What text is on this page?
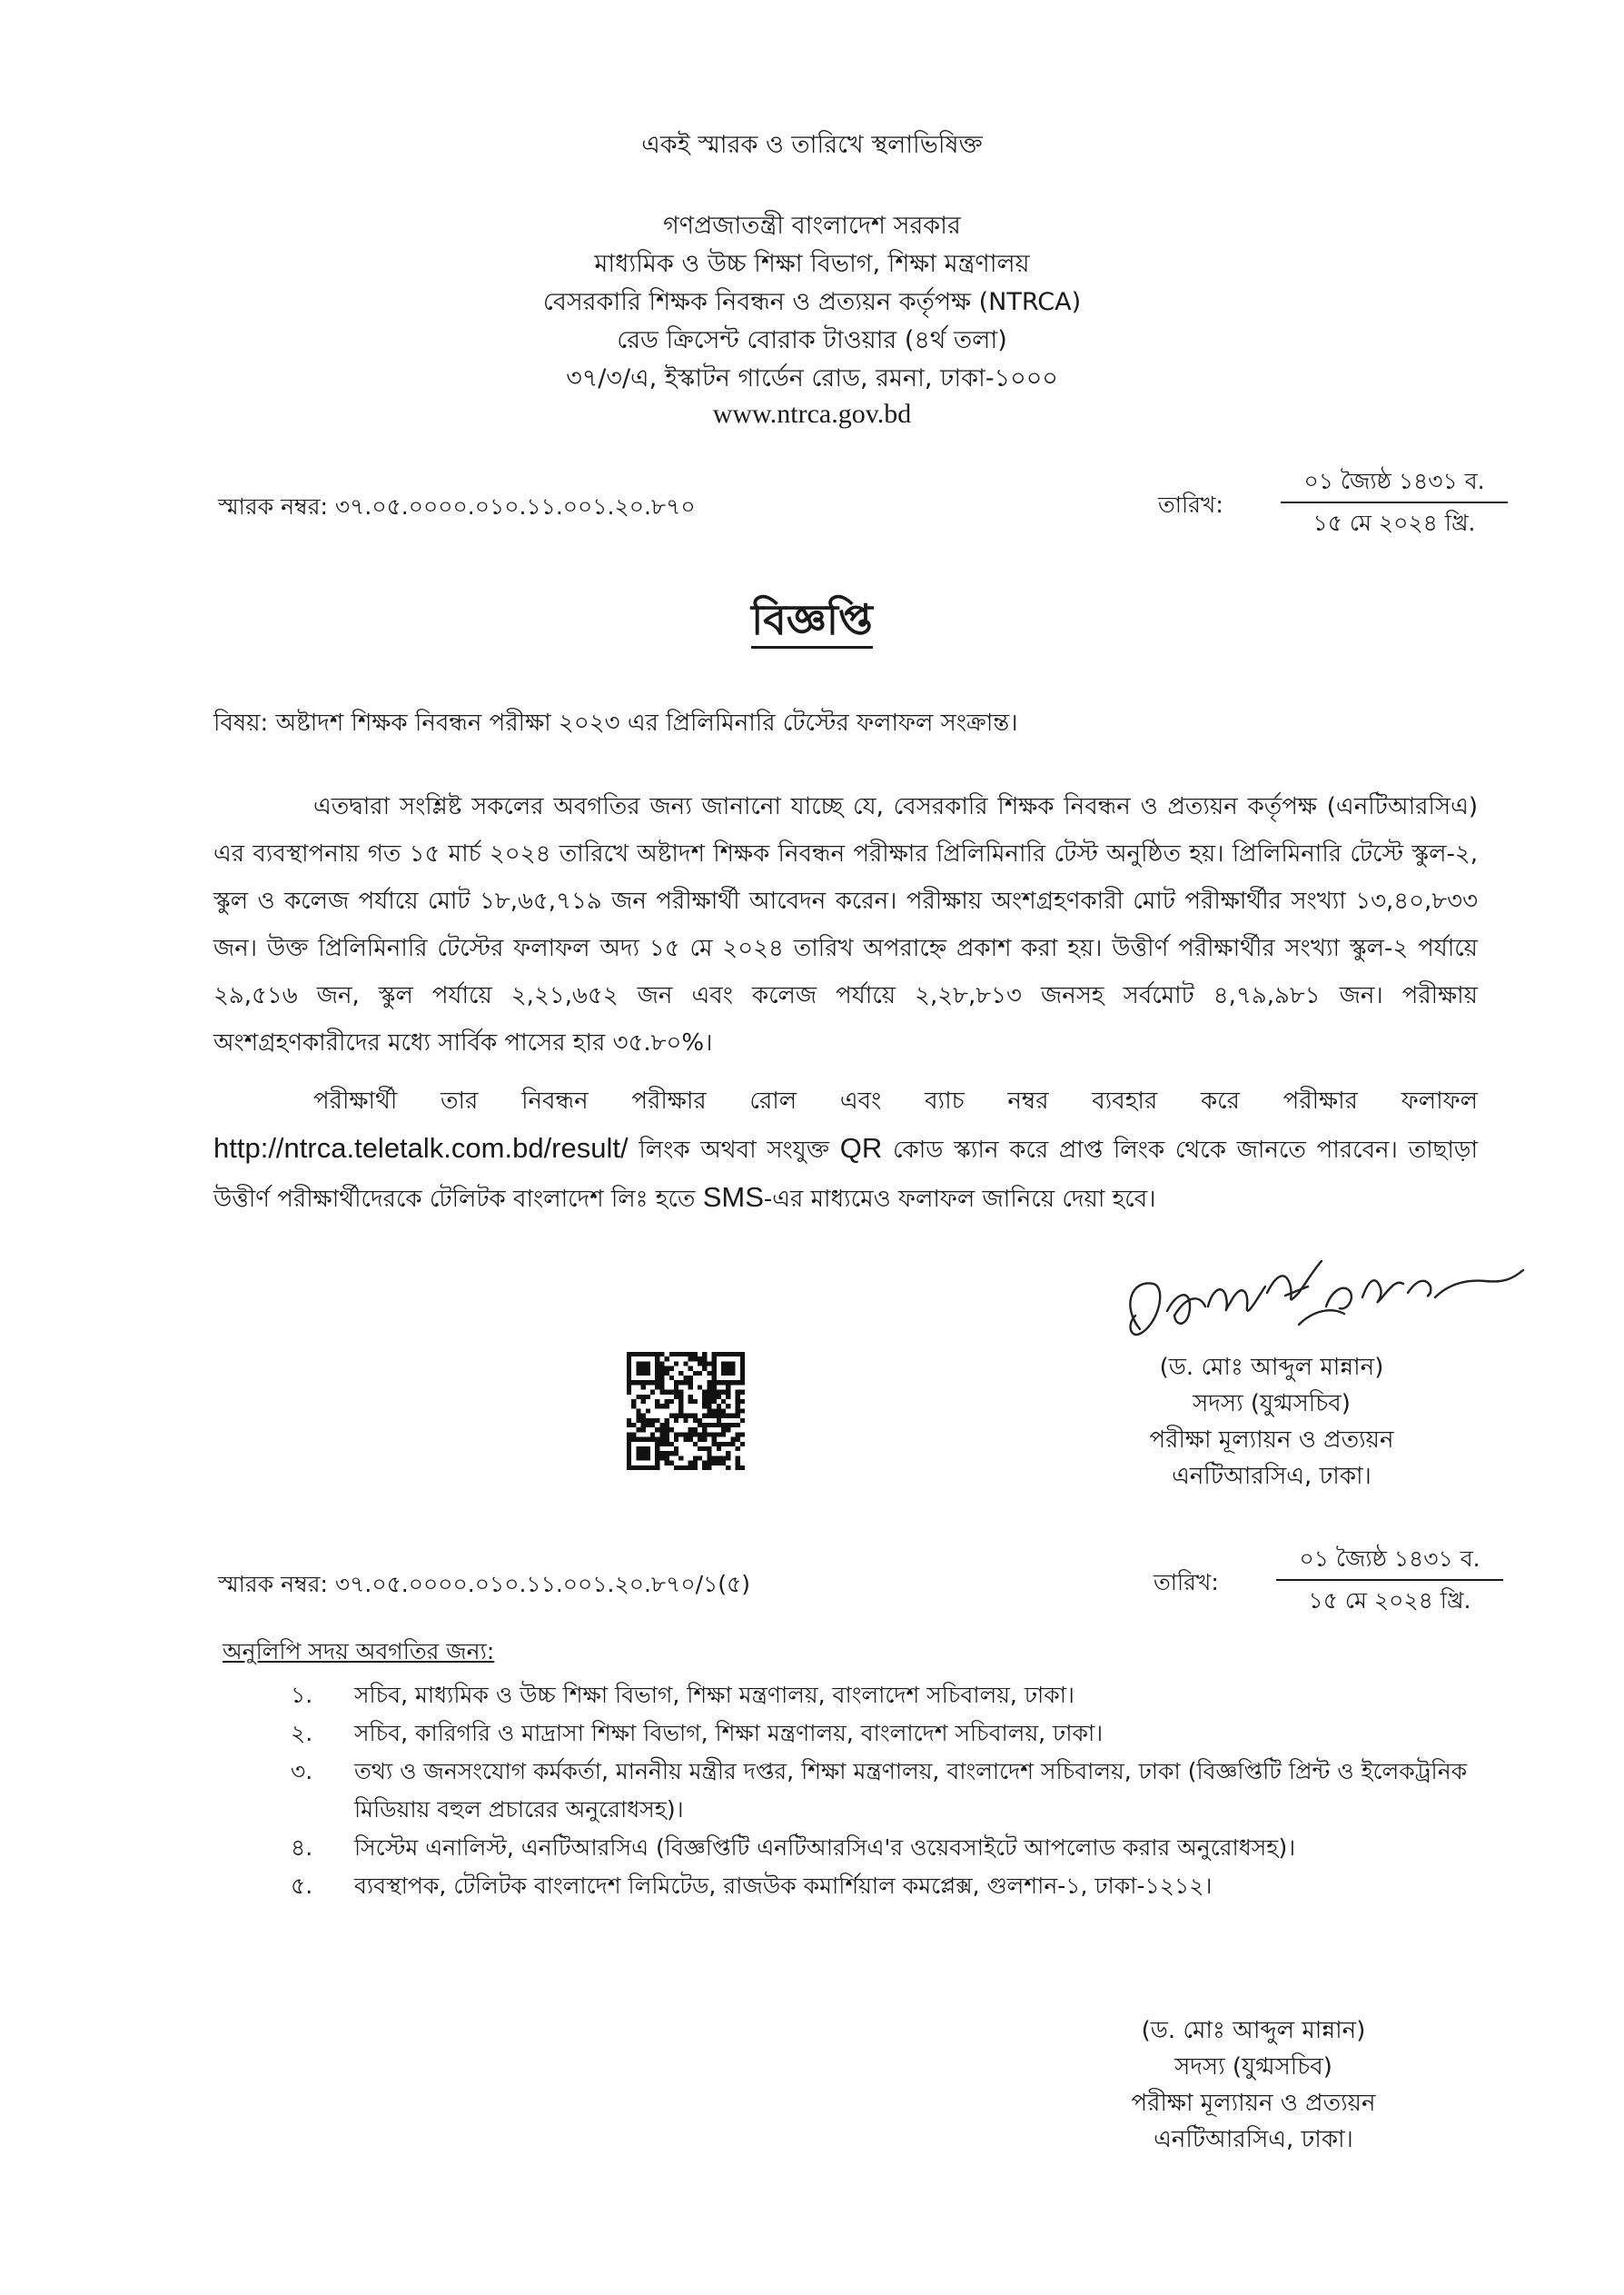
একই স্মারক ও তারিখে স্থলাভিষিক্ত
গণপ্রজাতন্ত্রী বাংলাদেশ সরকার
মাধ্যমিক ও উচ্চ শিক্ষা বিভাগ, শিক্ষা মন্ত্রণালয়
বেসরকারি শিক্ষক নিবন্ধন ও প্রত্যয়ন কর্তৃপক্ষ (NTRCA)
রেড ক্রিসেন্ট বোরাক টাওয়ার (৪র্থ তলা)
৩৭/৩/এ, ইস্কাটন গার্ডেন রোড, রমনা, ঢাকা-১০০০
www.ntrca.gov.bd
স্মারক নম্বর: ৩৭.০৫.০০০০.০১০.১১.০০১.২০.৮৭০	তারিখ:
০১ জ্যৈষ্ঠ ১৪৩১ ব.
১৫ মে ২০২৪ খ্রি.
বিজ্ঞপ্তি
বিষয়: অষ্টাদশ শিক্ষক নিবন্ধন পরীক্ষা ২০২৩ এর প্রিলিমিনারি টেস্টের ফলাফল সংক্রান্ত।
এতদ্বারা সংশ্লিষ্ট সকলের অবগতির জন্য জানানো যাচ্ছে যে, বেসরকারি শিক্ষক নিবন্ধন ও প্রত্যয়ন কর্তৃপক্ষ (এনটিআরসিএ) এর ব্যবস্থাপনায় গত ১৫ মার্চ ২০২৪ তারিখে অষ্টাদশ শিক্ষক নিবন্ধন পরীক্ষার প্রিলিমিনারি টেস্ট অনুষ্ঠিত হয়। প্রিলিমিনারি টেস্টে স্কুল-২, স্কুল ও কলেজ পর্যায়ে মোট ১৮,৬৫,৭১৯ জন পরীক্ষার্থী আবেদন করেন। পরীক্ষায় অংশগ্রহণকারী মোট পরীক্ষার্থীর সংখ্যা ১৩,৪০,৮৩৩ জন। উক্ত প্রিলিমিনারি টেস্টের ফলাফল অদ্য ১৫ মে ২০২৪ তারিখ অপরাহ্নে প্রকাশ করা হয়। উত্তীর্ণ পরীক্ষার্থীর সংখ্যা স্কুল-২ পর্যায়ে ২৯,৫১৬ জন, স্কুল পর্যায়ে ২,২১,৬৫২ জন এবং কলেজ পর্যায়ে ২,২৮,৮১৩ জনসহ সর্বমোট ৪,৭৯,৯৮১ জন। পরীক্ষায় অংশগ্রহণকারীদের মধ্যে সার্বিক পাসের হার ৩৫.৮০%।
পরীক্ষার্থী তার নিবন্ধন পরীক্ষার রোল এবং ব্যাচ নম্বর ব্যবহার করে পরীক্ষার ফলাফল http://ntrca.teletalk.com.bd/result/ লিংক অথবা সংযুক্ত QR কোড স্ক্যান করে প্রাপ্ত লিংক থেকে জানতে পারবেন। তাছাড়া উত্তীর্ণ পরীক্ষার্থীদেরকে টেলিটক বাংলাদেশ লিঃ হতে SMS-এর মাধ্যমেও ফলাফল জানিয়ে দেয়া হবে।
(ড. মোঃ আব্দুল মান্নান)
সদস্য (যুগ্মসচিব)
পরীক্ষা মূল্যায়ন ও প্রত্যয়ন
এনটিআরসিএ, ঢাকা।
স্মারক নম্বর: ৩৭.০৫.০০০০.০১০.১১.০০১.২০.৮৭০/১(৫)	তারিখ:
০১ জ্যৈষ্ঠ ১৪৩১ ব.
১৫ মে ২০২৪ খ্রি.
অনুলিপি সদয় অবগতির জন্য:
১. সচিব, মাধ্যমিক ও উচ্চ শিক্ষা বিভাগ, শিক্ষা মন্ত্রণালয়, বাংলাদেশ সচিবালয়, ঢাকা।
২. সচিব, কারিগরি ও মাদ্রাসা শিক্ষা বিভাগ, শিক্ষা মন্ত্রণালয়, বাংলাদেশ সচিবালয়, ঢাকা।
৩. তথ্য ও জনসংযোগ কর্মকর্তা, মাননীয় মন্ত্রীর দপ্তর, শিক্ষা মন্ত্রণালয়, বাংলাদেশ সচিবালয়, ঢাকা (বিজ্ঞপ্তিটি প্রিন্ট ও ইলেকট্রনিক মিডিয়ায় বহুল প্রচারের অনুরোধসহ)।
৪. সিস্টেম এনালিস্ট, এনটিআরসিএ (বিজ্ঞপ্তিটি এনটিআরসিএ'র ওয়েবসাইটে আপলোড করার অনুরোধসহ)।
৫. ব্যবস্থাপক, টেলিটক বাংলাদেশ লিমিটেড, রাজউক কমার্শিয়াল কমপ্লেক্স, গুলশান-১, ঢাকা-১২১২।
(ড. মোঃ আব্দুল মান্নান)
সদস্য (যুগ্মসচিব)
পরীক্ষা মূল্যায়ন ও প্রত্যয়ন
এনটিআরসিএ, ঢাকা।
